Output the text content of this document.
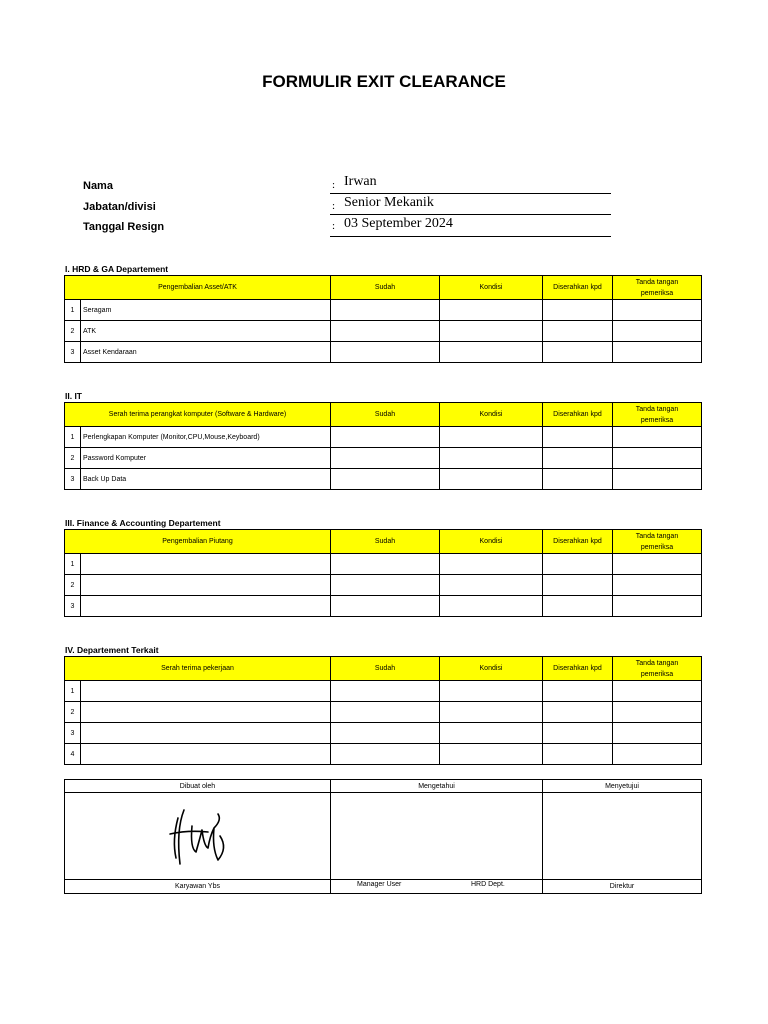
FORMULIR EXIT CLEARANCE
Nama	: Irwan
Jabatan/divisi	: Senior Mekanik
Tanggal Resign	: 03 September 2024
I. HRD & GA Departement
Pengembalian Asset/ATK		Sudah	Kondisi	Diserahkan kpd	Tanda tangan
pemeriksa

1	Seragam				
2	ATK				
3	Asset Kendaraan				
II. IT
Serah terima perangkat komputer (Software & Hardware)		Sudah	Kondisi	Diserahkan kpd	Tanda tangan
pemeriksa

1	Perlengkapan Komputer (Monitor,CPU,Mouse,Keyboard)				
2	Password Komputer				
3	Back Up Data				
III. Finance & Accounting Departement
Pengembalian Piutang		Sudah	Kondisi	Diserahkan kpd	Tanda tangan
pemeriksa

1					
2					
3					
IV. Departement Terkait
Serah terima pekerjaan		Sudah	Kondisi	Diserahkan kpd	Tanda tangan
pemeriksa

1					
2					
3					
4					
Dibuat oleh	Mengetahui	Menyetujui

Karyawan Ybs	Manager User HRD Dept.	Direktur
